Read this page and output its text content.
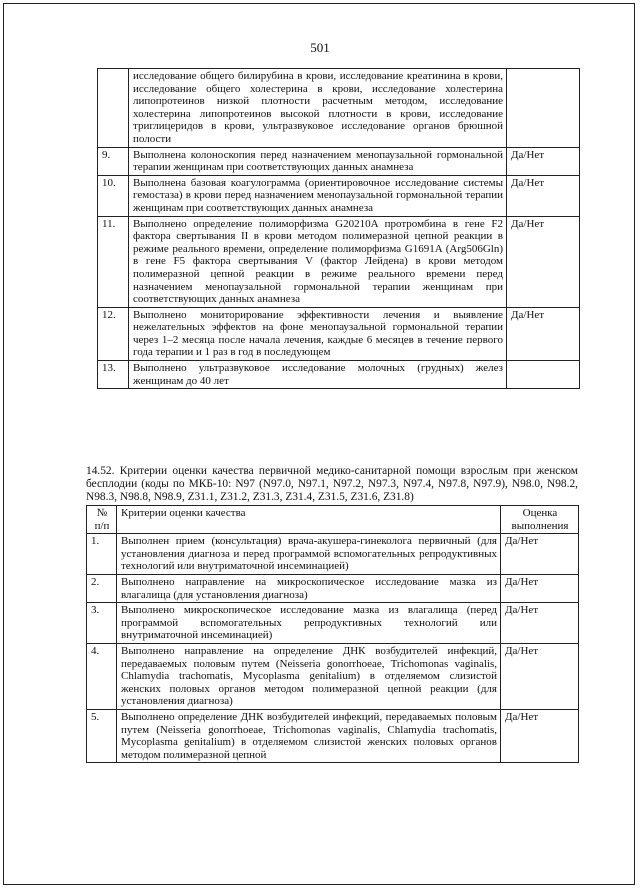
501
	исследование общего билирубина в крови, исследование креатинина в крови, исследование общего холестерина в крови, исследование холестерина липопротеинов низкой плотности расчетным методом, исследование холестерина липопротеинов высокой плотности в крови, исследование триглицеридов в крови, ультразвуковое исследование органов брюшной полости	
9.	Выполнена колоноскопия перед назначением менопаузальной гормональной терапии женщинам при соответствующих данных анамнеза	Да/Нет
10.	Выполнена базовая коагулограмма (ориентировочное исследование системы гемостаза) в крови перед назначением менопаузальной гормональной терапии женщинам при соответствующих данных анамнеза	Да/Нет
11.	Выполнено определение полиморфизма G20210A протромбина в гене F2 фактора свертывания II в крови методом полимеразной цепной реакции в режиме реального времени, определение полиморфизма G1691A (Arg506Gln) в гене F5 фактора свертывания V (фактор Лейдена) в крови методом полимеразной цепной реакции в режиме реального времени перед назначением менопаузальной гормональной терапии женщинам при соответствующих данных анамнеза	Да/Нет
12.	Выполнено мониторирование эффективности лечения и выявление нежелательных эффектов на фоне менопаузальной гормональной терапии через 1–2 месяца после начала лечения, каждые 6 месяцев в течение первого года терапии и 1 раз в год в последующем	Да/Нет
13.	Выполнено ультразвуковое исследование молочных (грудных) желез женщинам до 40 лет	
14.52. Критерии оценки качества первичной медико-санитарной помощи взрослым при женском бесплодии (коды по МКБ-10: N97 (N97.0, N97.1, N97.2, N97.3, N97.4, N97.8, N97.9), N98.0, N98.2, N98.3, N98.8, N98.9, Z31.1, Z31.2, Z31.3, Z31.4, Z31.5, Z31.6, Z31.8)
№ п/п	Критерии оценки качества	Оценка выполнения
1.	Выполнен прием (консультация) врача-акушера-гинеколога первичный (для установления диагноза и перед программой вспомогательных репродуктивных технологий или внутриматочной инсеминацией)	Да/Нет
2.	Выполнено направление на микроскопическое исследование мазка из влагалища (для установления диагноза)	Да/Нет
3.	Выполнено микроскопическое исследование мазка из влагалища (перед программой вспомогательных репродуктивных технологий или внутриматочной инсеминацией)	Да/Нет
4.	Выполнено направление на определение ДНК возбудителей инфекций, передаваемых половым путем (Neisseria gonorrhoeae, Trichomonas vaginalis, Chlamydia trachomatis, Mycoplasma genitalium) в отделяемом слизистой женских половых органов методом полимеразной цепной реакции (для установления диагноза)	Да/Нет
5.	Выполнено определение ДНК возбудителей инфекций, передаваемых половым путем (Neisseria gonorrhoeae, Trichomonas vaginalis, Chlamydia trachomatis, Mycoplasma genitalium) в отделяемом слизистой женских половых органов методом полимеразной цепной	Да/Нет
